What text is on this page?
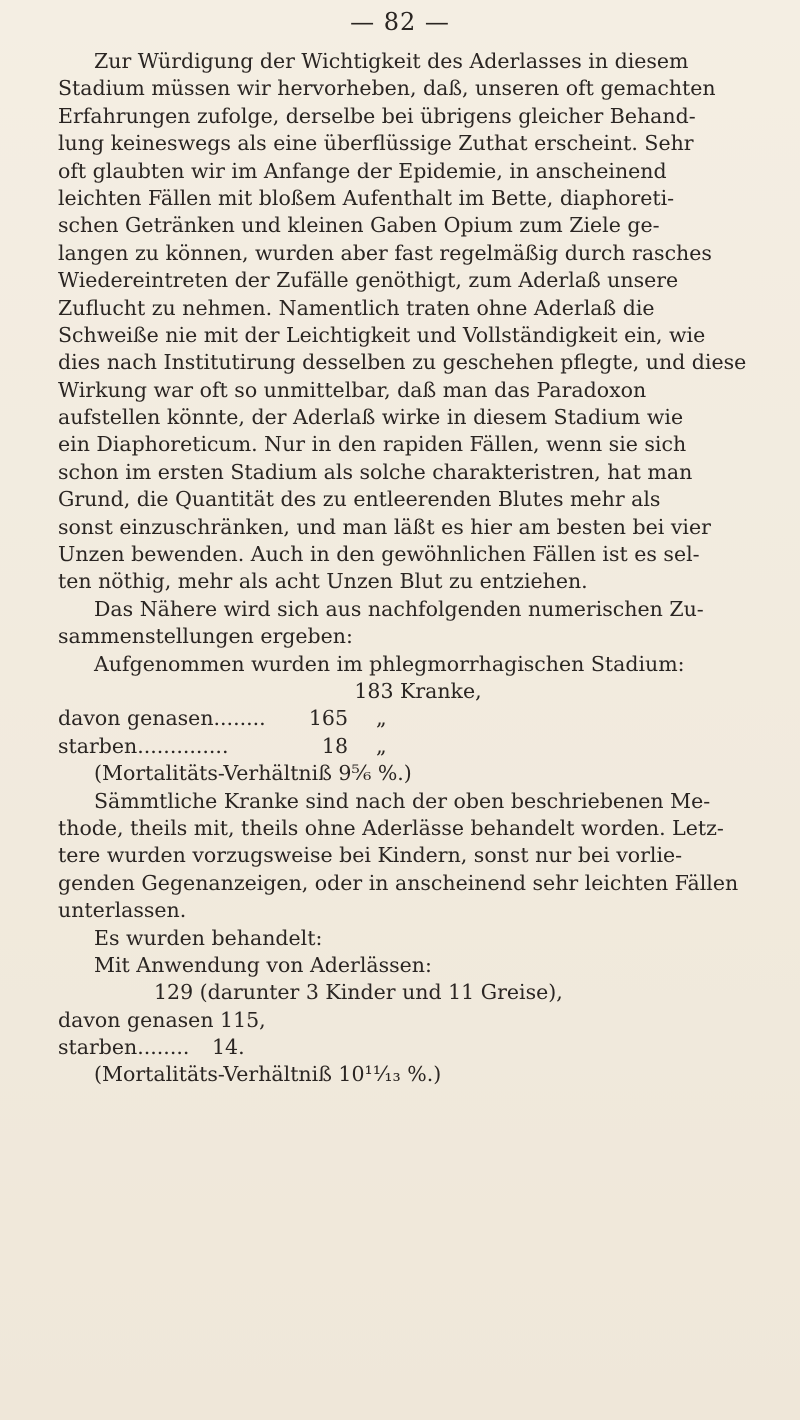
— 82 —
Zur Würdigung der Wichtigkeit des Aderlasses in diesem
Stadium müssen wir hervorheben, daß, unseren oft gemachten
Erfahrungen zufolge, derselbe bei übrigens gleicher Behand-
lung keineswegs als eine überflüssige Zuthat erscheint. Sehr
oft glaubten wir im Anfange der Epidemie, in anscheinend
leichten Fällen mit bloßem Aufenthalt im Bette, diaphoreti-
schen Getränken und kleinen Gaben Opium zum Ziele ge-
langen zu können, wurden aber fast regelmäßig durch rasches
Wiedereintreten der Zufälle genöthigt, zum Aderlaß unsere
Zuflucht zu nehmen. Namentlich traten ohne Aderlaß die
Schweiße nie mit der Leichtigkeit und Vollständigkeit ein, wie
dies nach Institutirung desselben zu geschehen pflegte, und diese
Wirkung war oft so unmittelbar, daß man das Paradoxon
aufstellen könnte, der Aderlaß wirke in diesem Stadium wie
ein Diaphoreticum. Nur in den rapiden Fällen, wenn sie sich
schon im ersten Stadium als solche charakteristren, hat man
Grund, die Quantität des zu entleerenden Blutes mehr als
sonst einzuschränken, und man läßt es hier am besten bei vier
Unzen bewenden. Auch in den gewöhnlichen Fällen ist es sel-
ten nöthig, mehr als acht Unzen Blut zu entziehen.
Das Nähere wird sich aus nachfolgenden numerischen Zu-
sammenstellungen ergeben:
Aufgenommen wurden im phlegmorrhagischen Stadium:
183 Kranke,
davon genasen........	165	„
starben..............	18	„
(Mortalitäts-Verhältniß 9⁵⁄₆ %.)
Sämmtliche Kranke sind nach der oben beschriebenen Me-
thode, theils mit, theils ohne Aderlässe behandelt worden. Letz-
tere wurden vorzugsweise bei Kindern, sonst nur bei vorlie-
genden Gegenanzeigen, oder in anscheinend sehr leichten Fällen
unterlassen.
Es wurden behandelt:
Mit Anwendung von Aderlässen:
129 (darunter 3 Kinder und 11 Greise),
davon genasen 115,
starben........	14.
(Mortalitäts-Verhältniß 10¹¹⁄₁₃ %.)
